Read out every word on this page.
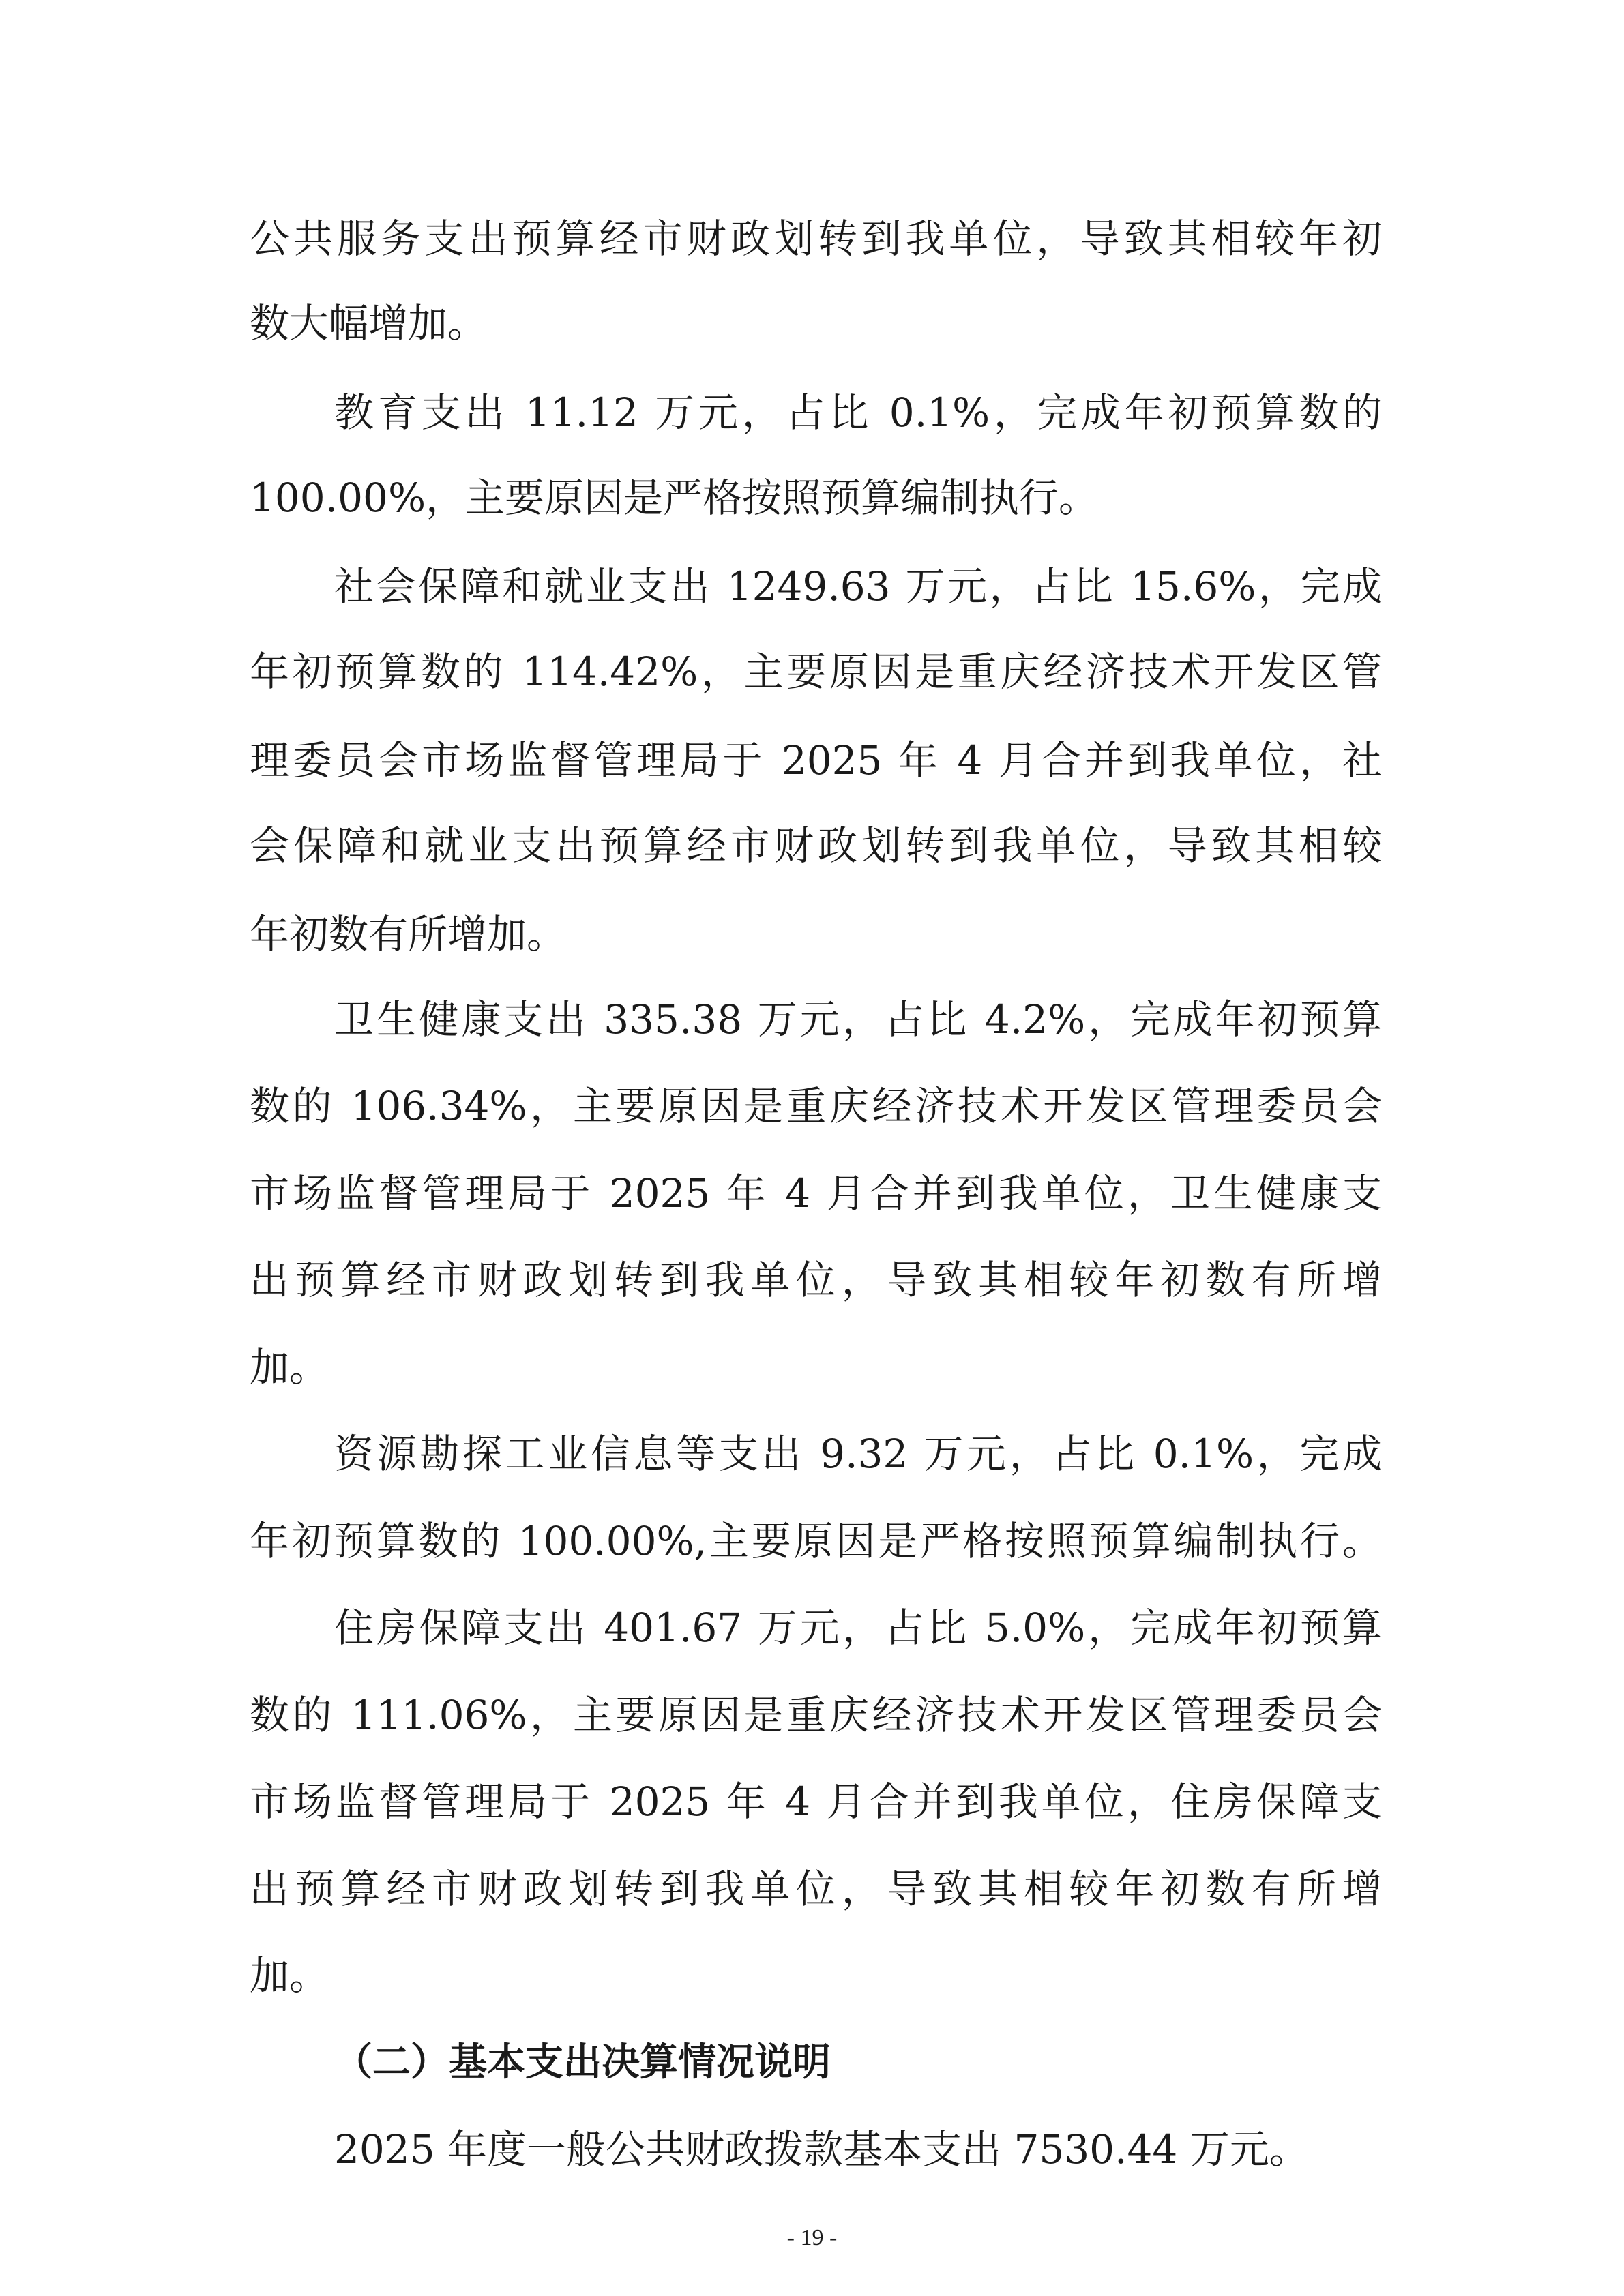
公共服务支出预算经市财政划转到我单位，导致其相较年初
数大幅增加。
教育支出 11.12 万元，占比 0.1%，完成年初预算数的
100.00%，主要原因是严格按照预算编制执行。
社会保障和就业支出 1249.63 万元，占比 15.6%，完成
年初预算数的 114.42%，主要原因是重庆经济技术开发区管
理委员会市场监督管理局于 2025 年 4 月合并到我单位，社
会保障和就业支出预算经市财政划转到我单位，导致其相较
年初数有所增加。
卫生健康支出 335.38 万元，占比 4.2%，完成年初预算
数的 106.34%，主要原因是重庆经济技术开发区管理委员会
市场监督管理局于 2025 年 4 月合并到我单位，卫生健康支
出预算经市财政划转到我单位，导致其相较年初数有所增
加。
资源勘探工业信息等支出 9.32 万元，占比 0.1%，完成
年初预算数的 100.00%,主要原因是严格按照预算编制执行。
住房保障支出 401.67 万元，占比 5.0%，完成年初预算
数的 111.06%，主要原因是重庆经济技术开发区管理委员会
市场监督管理局于 2025 年 4 月合并到我单位，住房保障支
出预算经市财政划转到我单位，导致其相较年初数有所增
加。
（二）基本支出决算情况说明
2025 年度一般公共财政拨款基本支出 7530.44 万元。
- 19 -
